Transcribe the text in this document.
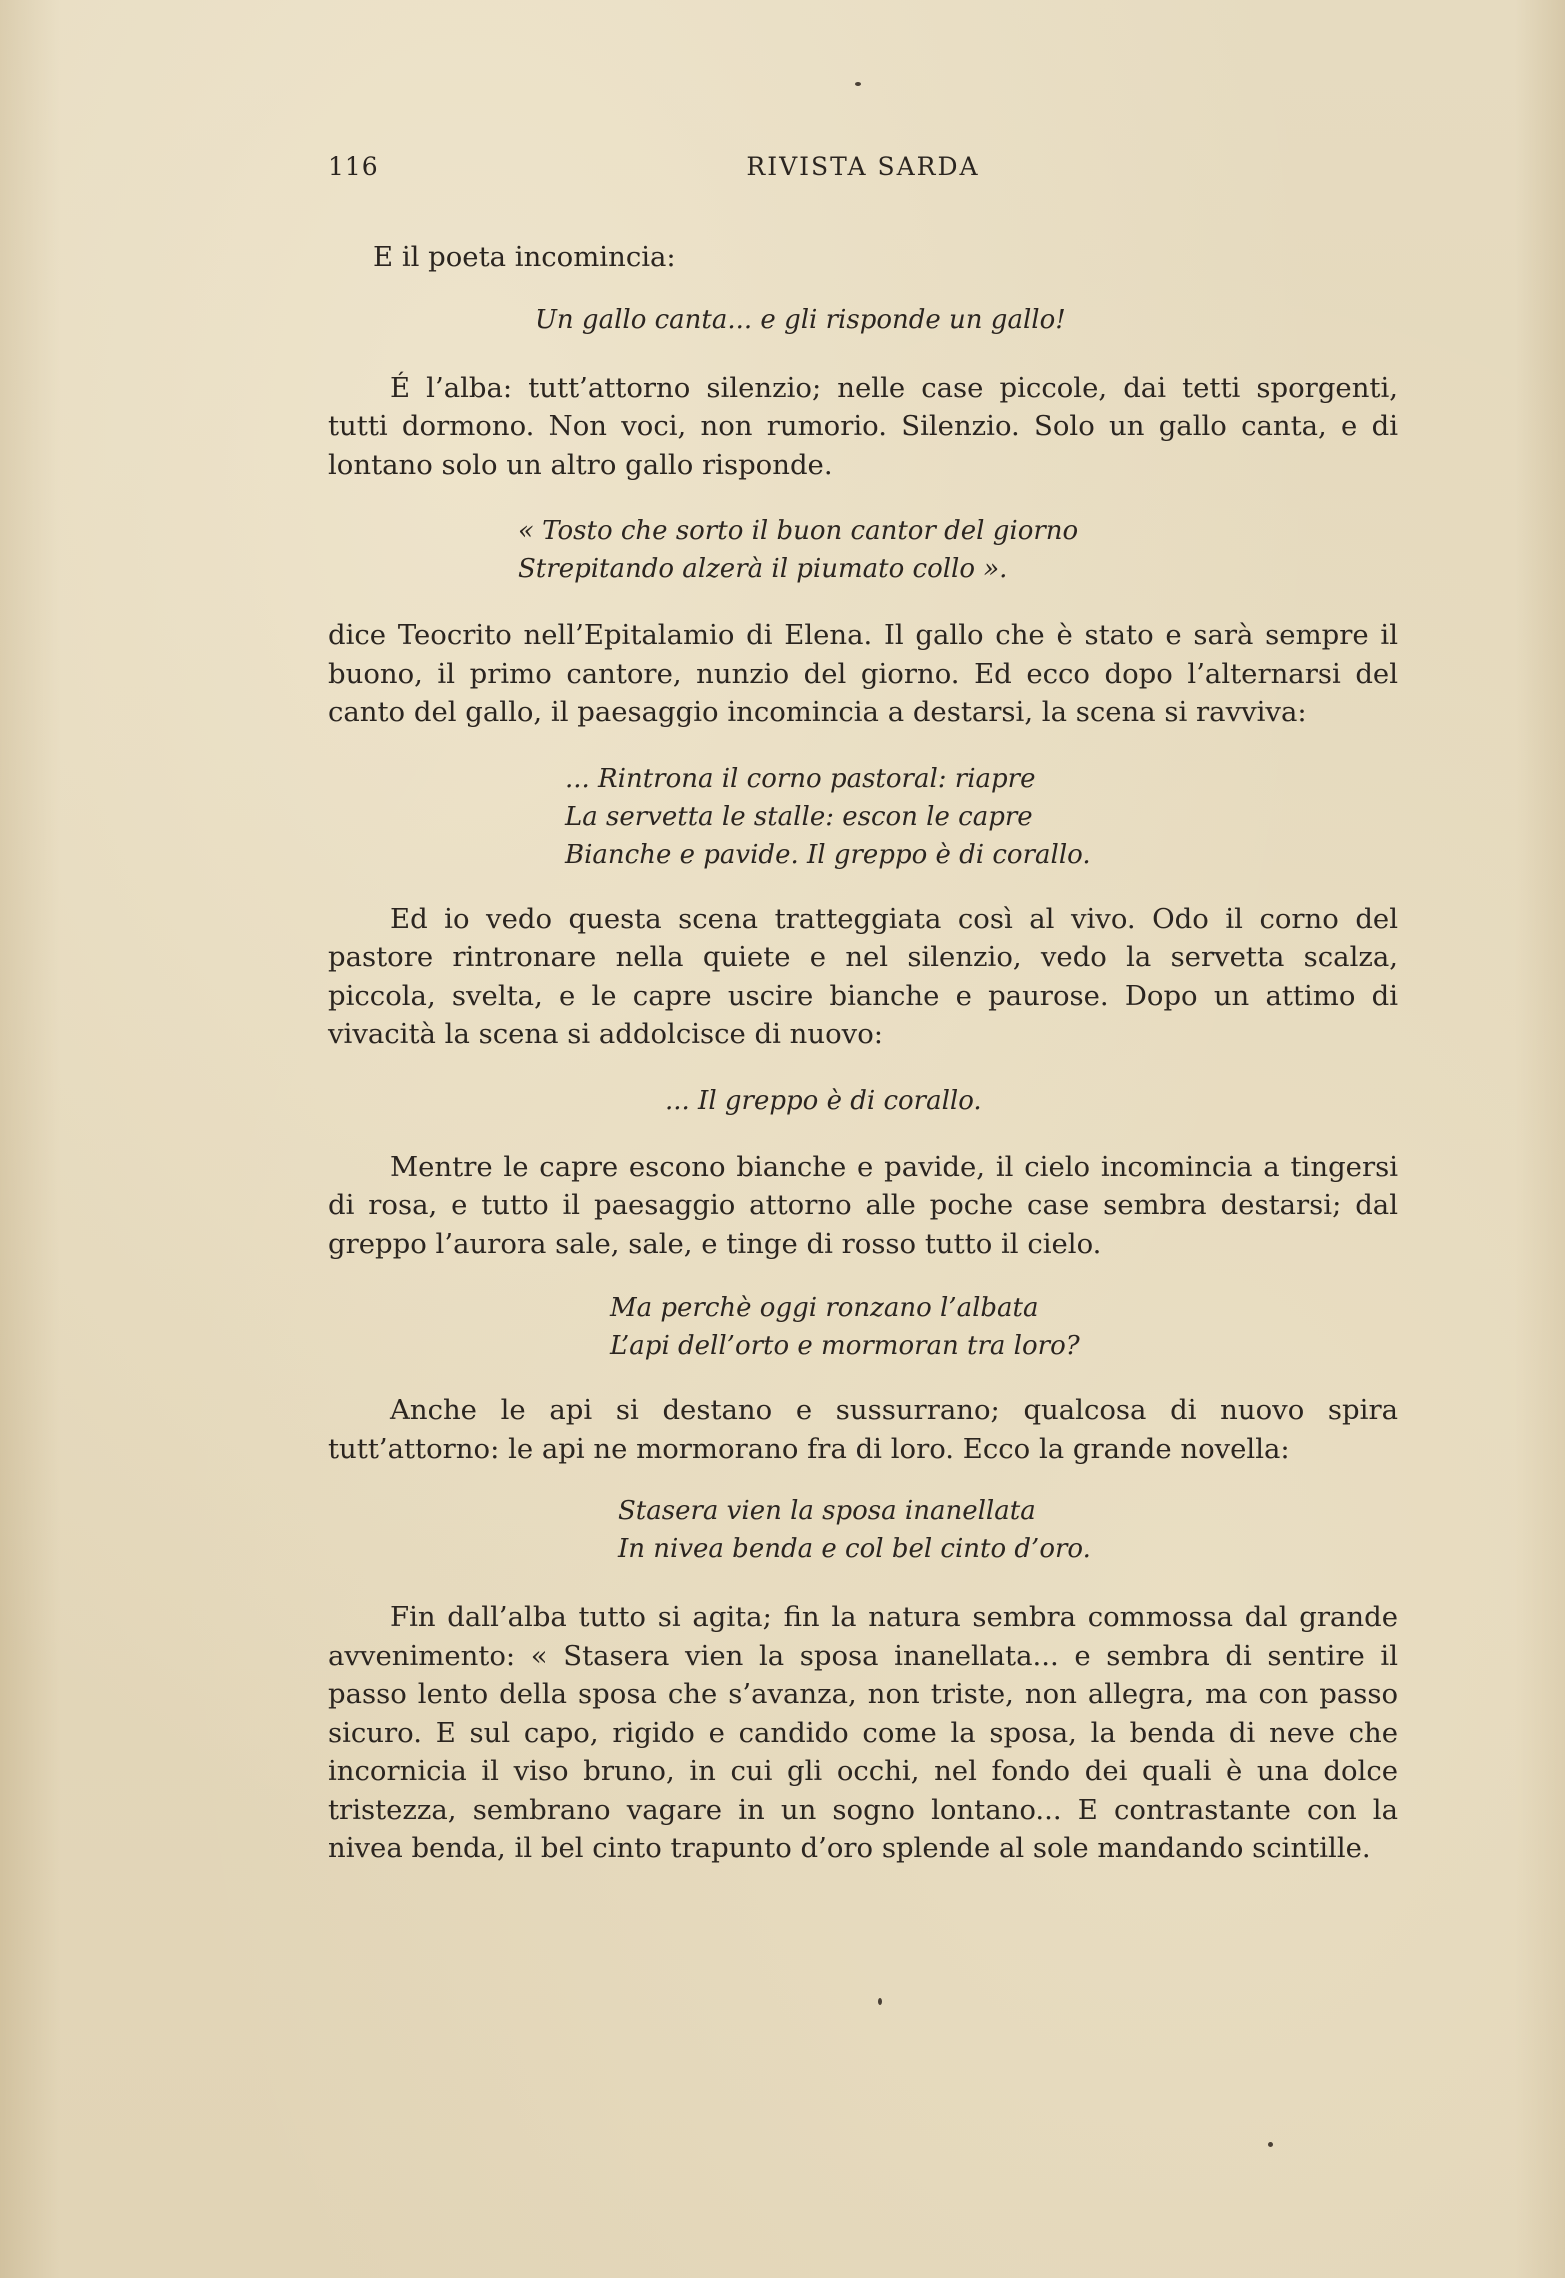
116	RIVISTA SARDA

E il poeta incomincia:

Un gallo canta... e gli risponde un gallo!

É l’alba: tutt’attorno silenzio; nelle case piccole, dai tetti sporgenti, tutti dormono. Non voci, non rumorio. Silenzio. Solo un gallo canta, e di lontano solo un altro gallo risponde.

« Tosto che sorto il buon cantor del giorno
Strepitando alzerà il piumato collo ».

dice Teocrito nell’Epitalamio di Elena. Il gallo che è stato e sarà sempre il buono, il primo cantore, nunzio del giorno. Ed ecco dopo l’alternarsi del canto del gallo, il paesaggio incomincia a destarsi, la scena si ravviva:

... Rintrona il corno pastoral: riapre
La servetta le stalle: escon le capre
Bianche e pavide. Il greppo è di corallo.

Ed io vedo questa scena tratteggiata così al vivo. Odo il corno del pastore rintronare nella quiete e nel silenzio, vedo la servetta scalza, piccola, svelta, e le capre uscire bianche e paurose. Dopo un attimo di vivacità la scena si addolcisce di nuovo:

... Il greppo è di corallo.

Mentre le capre escono bianche e pavide, il cielo incomincia a tingersi di rosa, e tutto il paesaggio attorno alle poche case sembra destarsi; dal greppo l’aurora sale, sale, e tinge di rosso tutto il cielo.

Ma perchè oggi ronzano l’albata
L’api dell’orto e mormoran tra loro?

Anche le api si destano e sussurrano; qualcosa di nuovo spira tutt’attorno: le api ne mormorano fra di loro. Ecco la grande novella:

Stasera vien la sposa inanellata
In nivea benda e col bel cinto d’oro.

Fin dall’alba tutto si agita; fin la natura sembra commossa dal grande avvenimento: « Stasera vien la sposa inanellata... e sembra di sentire il passo lento della sposa che s’avanza, non triste, non allegra, ma con passo sicuro. E sul capo, rigido e candido come la sposa, la benda di neve che incornicia il viso bruno, in cui gli occhi, nel fondo dei quali è una dolce tristezza, sembrano vagare in un sogno lontano... E contrastante con la nivea benda, il bel cinto trapunto d’oro splende al sole mandando scintille.
